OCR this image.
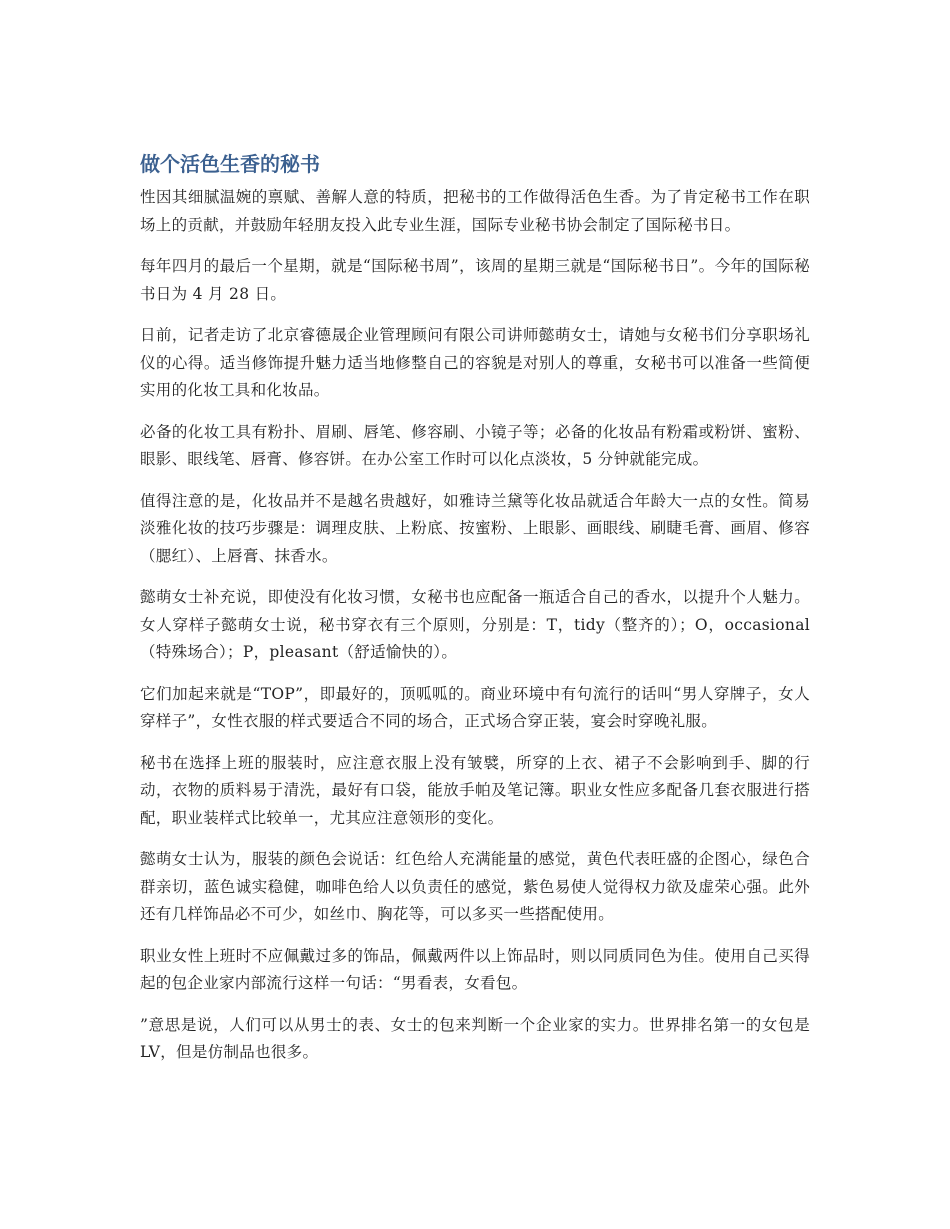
做个活色生香的秘书

性因其细腻温婉的禀赋、善解人意的特质，把秘书的工作做得活色生香。为了肯定秘书工作在职场上的贡献，并鼓励年轻朋友投入此专业生涯，国际专业秘书协会制定了国际秘书日。

每年四月的最后一个星期，就是“国际秘书周”，该周的星期三就是“国际秘书日”。今年的国际秘书日为 4 月 28 日。

日前，记者走访了北京睿德晟企业管理顾问有限公司讲师懿萌女士，请她与女秘书们分享职场礼仪的心得。适当修饰提升魅力适当地修整自己的容貌是对别人的尊重，女秘书可以准备一些简便实用的化妆工具和化妆品。

必备的化妆工具有粉扑、眉刷、唇笔、修容刷、小镜子等；必备的化妆品有粉霜或粉饼、蜜粉、眼影、眼线笔、唇膏、修容饼。在办公室工作时可以化点淡妆，5 分钟就能完成。

值得注意的是，化妆品并不是越名贵越好，如雅诗兰黛等化妆品就适合年龄大一点的女性。简易淡雅化妆的技巧步骤是：调理皮肤、上粉底、按蜜粉、上眼影、画眼线、刷睫毛膏、画眉、修容（腮红）、上唇膏、抹香水。

懿萌女士补充说，即使没有化妆习惯，女秘书也应配备一瓶适合自己的香水，以提升个人魅力。女人穿样子懿萌女士说，秘书穿衣有三个原则，分别是：T，tidy（整齐的）；O，occasional（特殊场合）；P，pleasant（舒适愉快的）。

它们加起来就是“TOP”，即最好的，顶呱呱的。商业环境中有句流行的话叫“男人穿牌子，女人穿样子”，女性衣服的样式要适合不同的场合，正式场合穿正装，宴会时穿晚礼服。

秘书在选择上班的服装时，应注意衣服上没有皱襞，所穿的上衣、裙子不会影响到手、脚的行动，衣物的质料易于清洗，最好有口袋，能放手帕及笔记簿。职业女性应多配备几套衣服进行搭配，职业装样式比较单一，尤其应注意领形的变化。

懿萌女士认为，服装的颜色会说话：红色给人充满能量的感觉，黄色代表旺盛的企图心，绿色合群亲切，蓝色诚实稳健，咖啡色给人以负责任的感觉，紫色易使人觉得权力欲及虚荣心强。此外还有几样饰品必不可少，如丝巾、胸花等，可以多买一些搭配使用。

职业女性上班时不应佩戴过多的饰品，佩戴两件以上饰品时，则以同质同色为佳。使用自己买得起的包企业家内部流行这样一句话：“男看表，女看包。

”意思是说，人们可以从男士的表、女士的包来判断一个企业家的实力。世界排名第一的女包是 LV，但是仿制品也很多。
